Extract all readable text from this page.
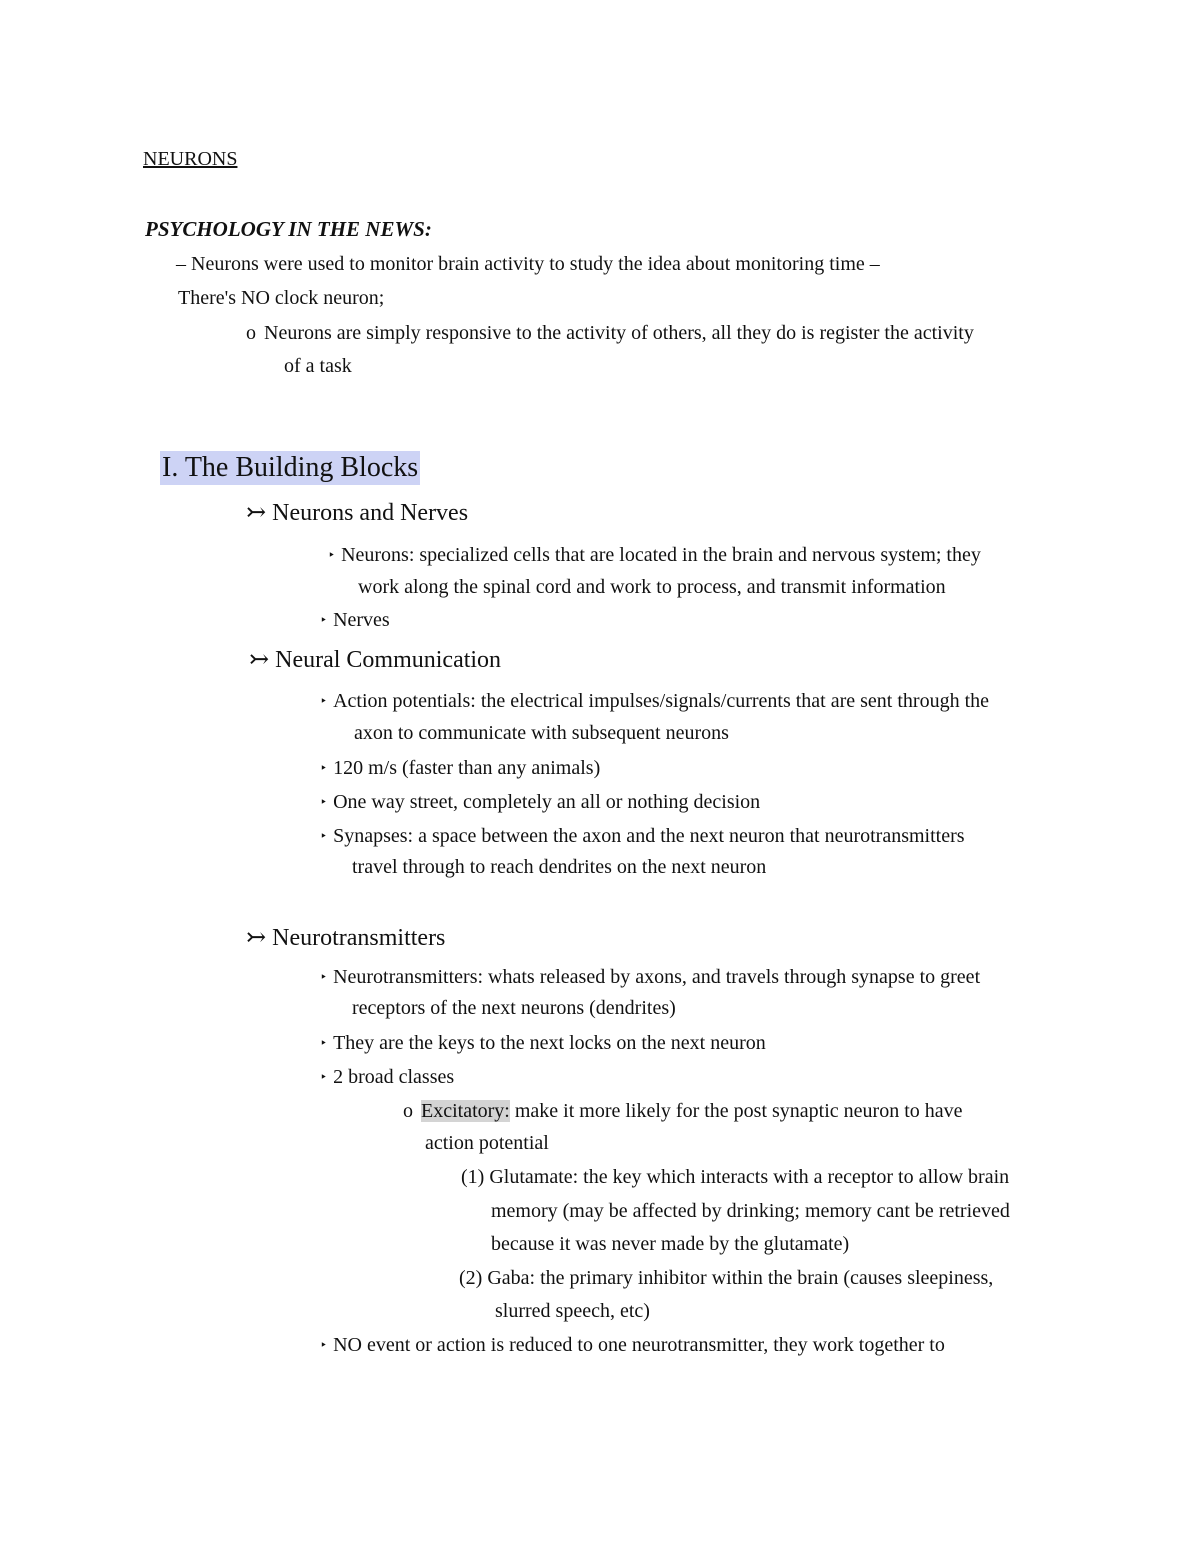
NEURONS
PSYCHOLOGY IN THE NEWS:
– Neurons were used to monitor brain activity to study the idea about monitoring time –
There's NO clock neuron;
o Neurons are simply responsive to the activity of others, all they do is register the activity
of a task
I. The Building Blocks
↣ Neurons and Nerves
‣ Neurons: specialized cells that are located in the brain and nervous system; they
work along the spinal cord and work to process, and transmit information
‣ Nerves
↣ Neural Communication
‣ Action potentials: the electrical impulses/signals/currents that are sent through the
axon to communicate with subsequent neurons
‣ 120 m/s (faster than any animals)
‣ One way street, completely an all or nothing decision
‣ Synapses: a space between the axon and the next neuron that neurotransmitters
travel through to reach dendrites on the next neuron
↣ Neurotransmitters
‣ Neurotransmitters: whats released by axons, and travels through synapse to greet
receptors of the next neurons (dendrites)
‣ They are the keys to the next locks on the next neuron
‣ 2 broad classes
o Excitatory: make it more likely for the post synaptic neuron to have
action potential
(1) Glutamate: the key which interacts with a receptor to allow brain
memory (may be affected by drinking; memory cant be retrieved
because it was never made by the glutamate)
(2) Gaba: the primary inhibitor within the brain (causes sleepiness,
slurred speech, etc)
‣ NO event or action is reduced to one neurotransmitter, they work together to
